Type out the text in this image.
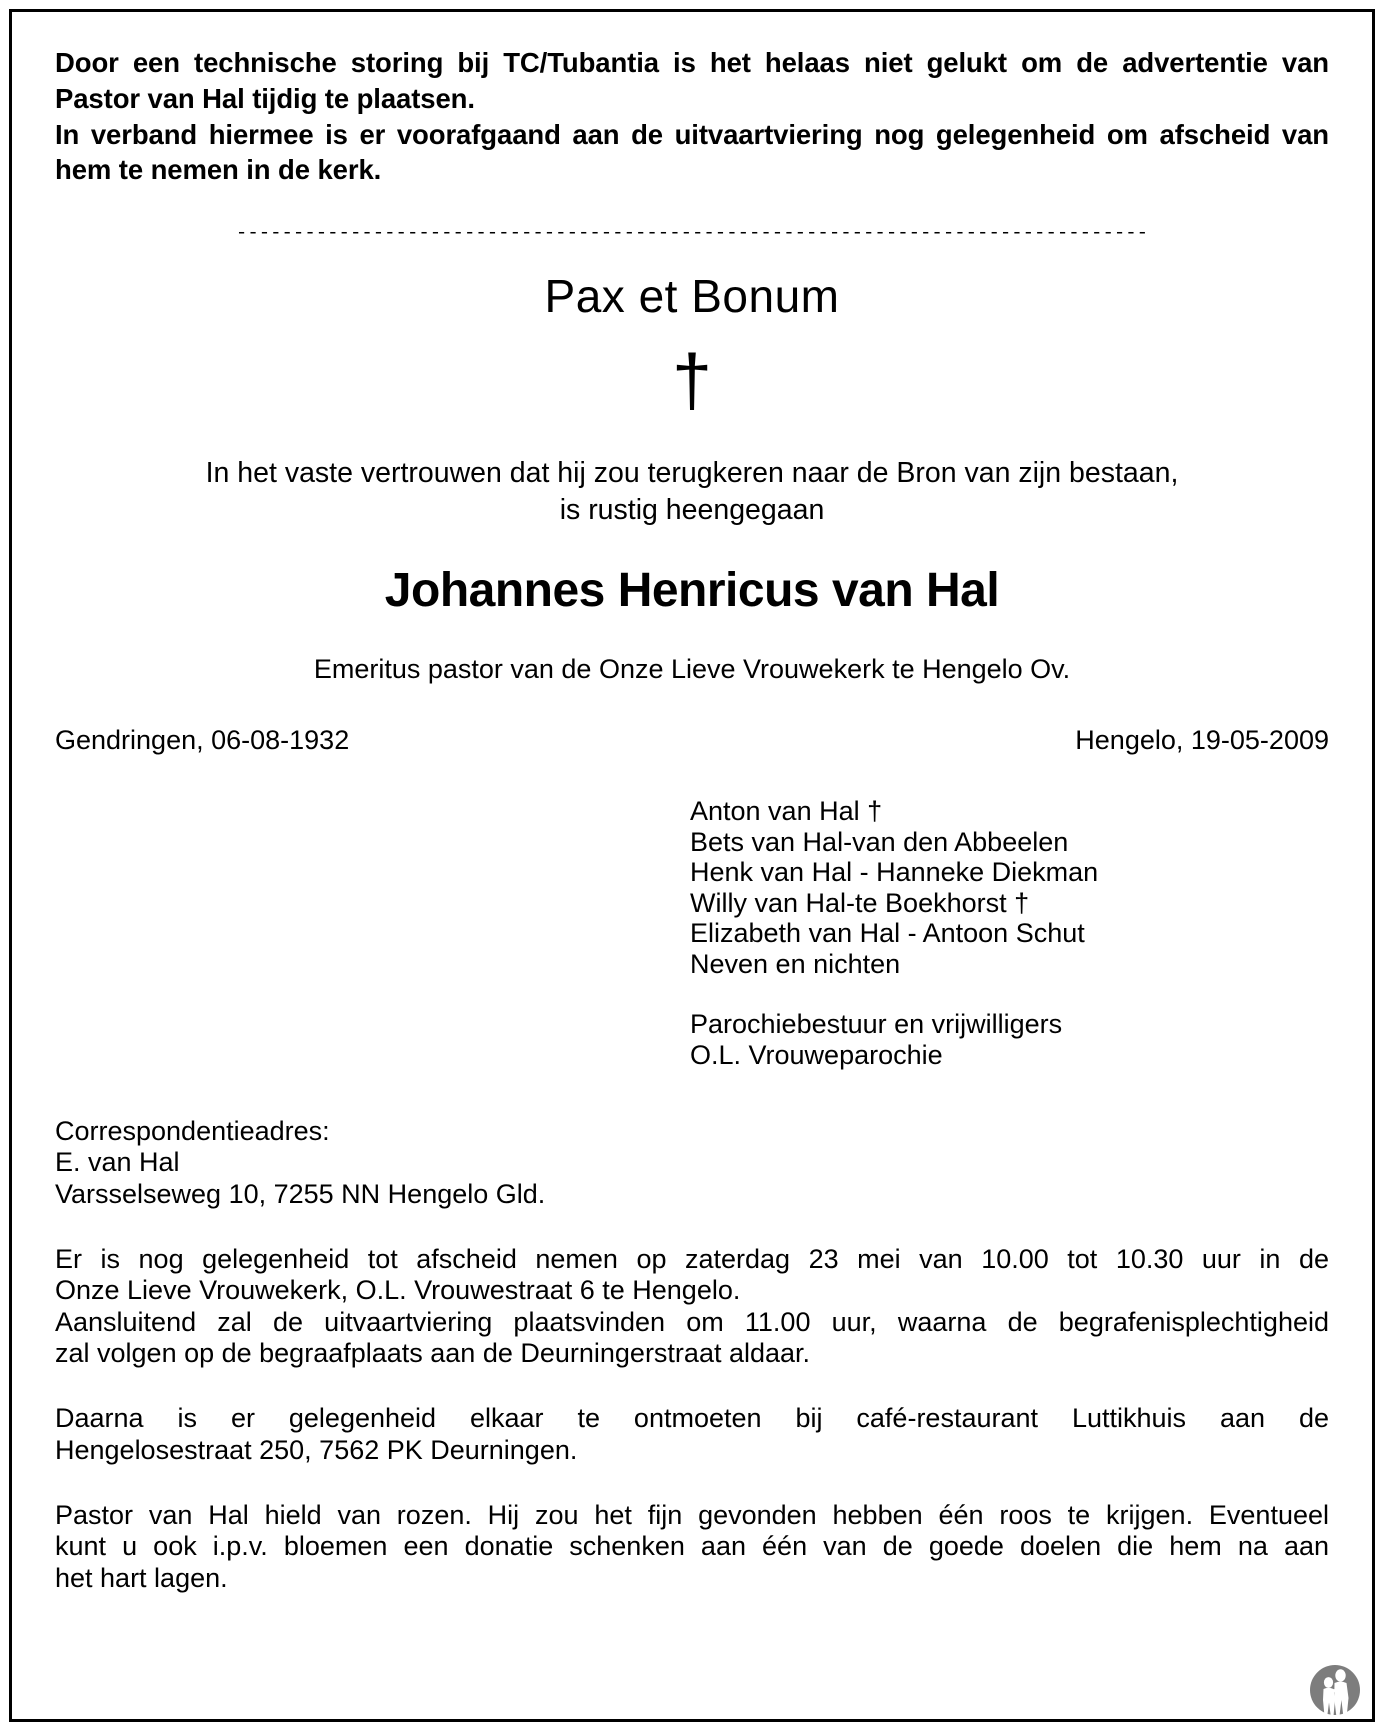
Door een technische storing bij TC/Tubantia is het helaas niet gelukt om de advertentie van
Pastor van Hal tijdig te plaatsen.
In verband hiermee is er voorafgaand aan de uitvaartviering nog gelegenheid om afscheid van
hem te nemen in de kerk.
--------------------------------------------------------------------------------
Pax et Bonum
†
In het vaste vertrouwen dat hij zou terugkeren naar de Bron van zijn bestaan,
is rustig heengegaan
Johannes Henricus van Hal
Emeritus pastor van de Onze Lieve Vrouwekerk te Hengelo Ov.
Gendringen, 06-08-1932	Hengelo, 19-05-2009
Anton van Hal †
Bets van Hal-van den Abbeelen
Henk van Hal - Hanneke Diekman
Willy van Hal-te Boekhorst †
Elizabeth van Hal - Antoon Schut
Neven en nichten
Parochiebestuur en vrijwilligers
O.L. Vrouweparochie
Correspondentieadres:
E. van Hal
Varsselseweg 10, 7255 NN Hengelo Gld.
Er is nog gelegenheid tot afscheid nemen op zaterdag 23 mei van 10.00 tot 10.30 uur in de
Onze Lieve Vrouwekerk, O.L. Vrouwestraat 6 te Hengelo.
Aansluitend zal de uitvaartviering plaatsvinden om 11.00 uur, waarna de begrafenisplechtigheid
zal volgen op de begraafplaats aan de Deurningerstraat aldaar.
Daarna is er gelegenheid elkaar te ontmoeten bij café-restaurant Luttikhuis aan de
Hengelosestraat 250, 7562 PK Deurningen.
Pastor van Hal hield van rozen. Hij zou het fijn gevonden hebben één roos te krijgen. Eventueel
kunt u ook i.p.v. bloemen een donatie schenken aan één van de goede doelen die hem na aan
het hart lagen.
